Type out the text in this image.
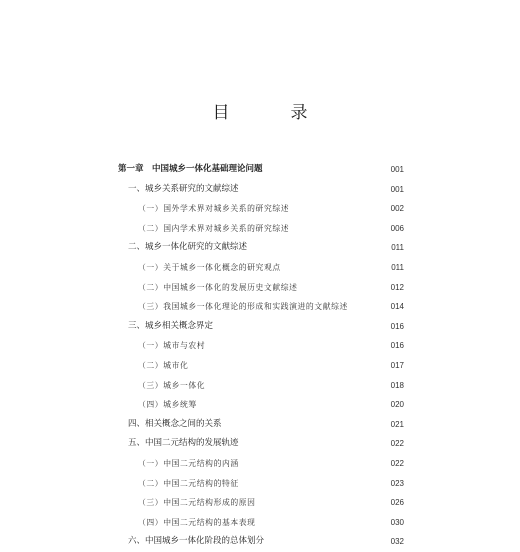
目　录
第一章　中国城乡一体化基础理论问题	001
一、城乡关系研究的文献综述	001
（一）国外学术界对城乡关系的研究综述	002
（二）国内学术界对城乡关系的研究综述	006
二、城乡一体化研究的文献综述	011
（一）关于城乡一体化概念的研究观点	011
（二）中国城乡一体化的发展历史文献综述	012
（三）我国城乡一体化理论的形成和实践演进的文献综述	014
三、城乡相关概念界定	016
（一）城市与农村	016
（二）城市化	017
（三）城乡一体化	018
（四）城乡统筹	020
四、相关概念之间的关系	021
五、中国二元结构的发展轨迹	022
（一）中国二元结构的内涵	022
（二）中国二元结构的特征	023
（三）中国二元结构形成的原因	026
（四）中国二元结构的基本表现	030
六、中国城乡一体化阶段的总体划分	032
